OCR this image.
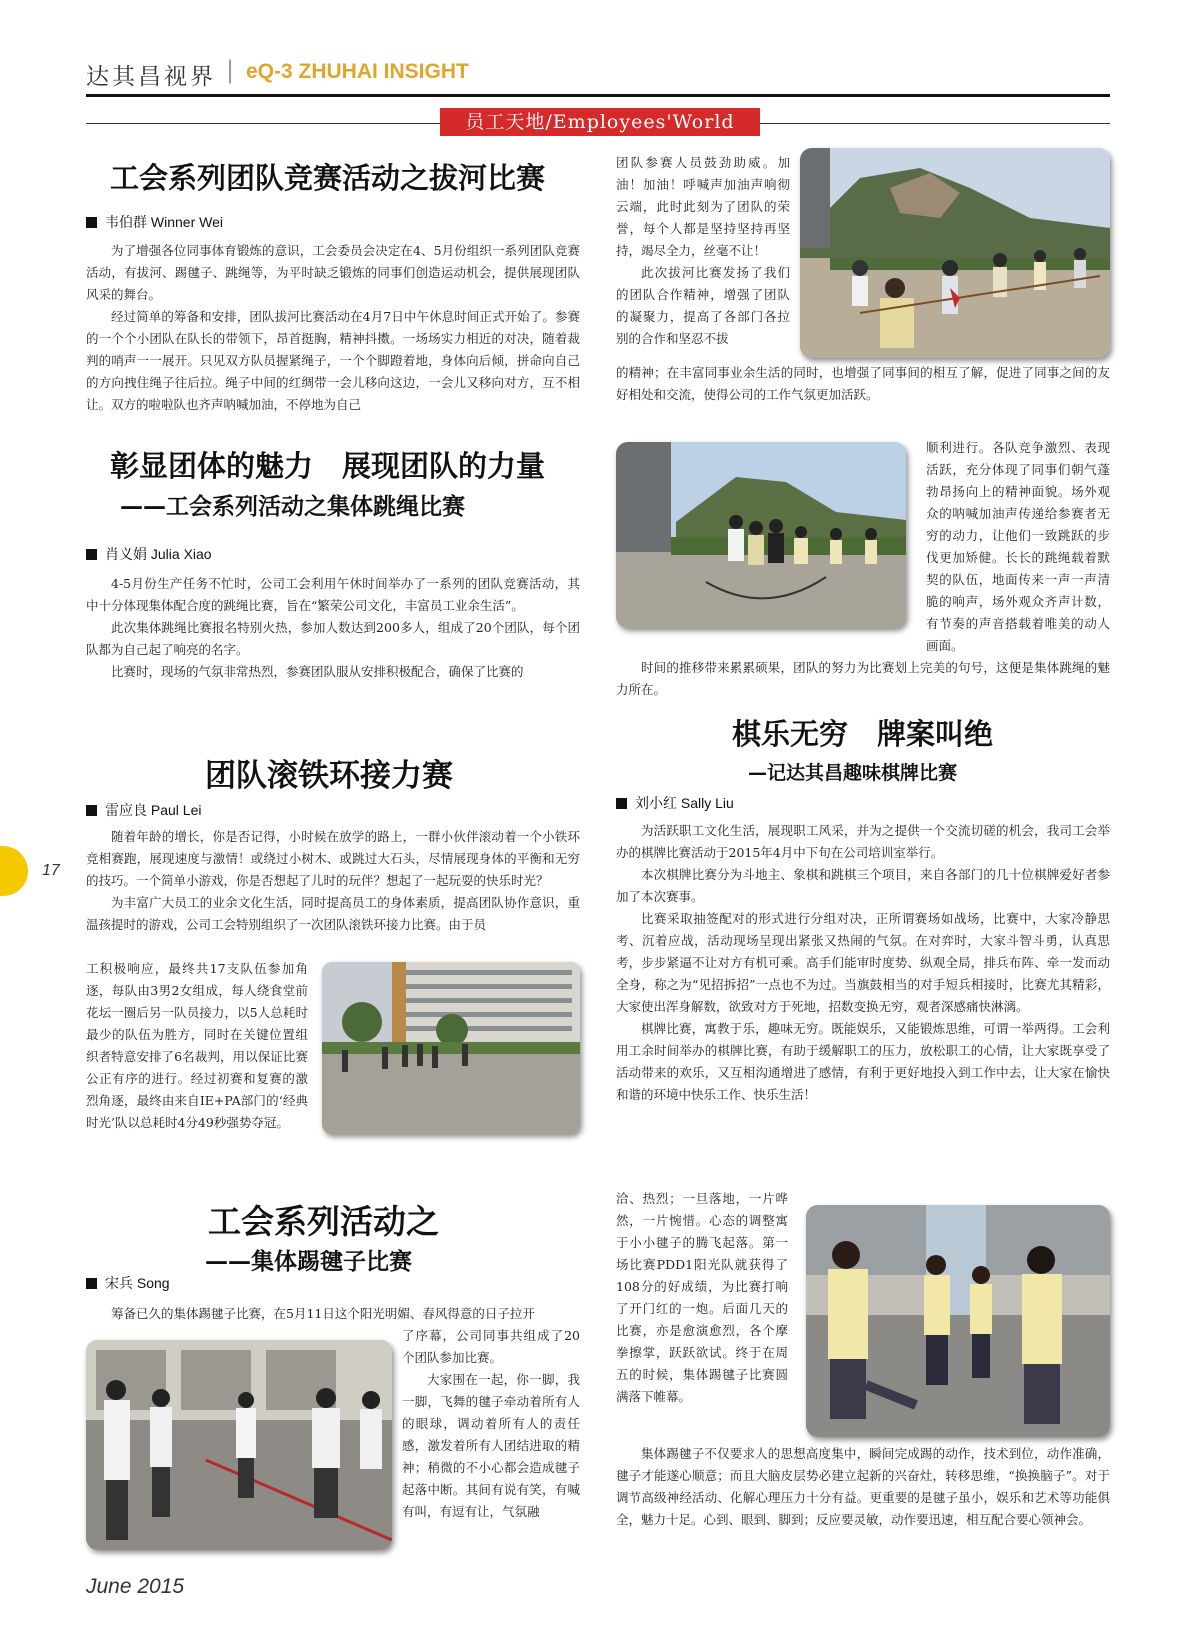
达其昌视界 | eQ-3 ZHUHAI INSIGHT
员工天地/Employees'World
工会系列团队竞赛活动之拔河比赛
韦伯群 Winner Wei

为了增强各位同事体育锻炼的意识，工会委员会决定在4、5月份组织一系列团队竞赛活动，有拔河、踢毽子、跳绳等，为平时缺乏锻炼的同事们创造运动机会，提供展现团队风采的舞台。

经过简单的筹备和安排，团队拔河比赛活动在4月7日中午休息时间正式开始了。参赛的一个个小团队在队长的带领下，昂首挺胸，精神抖擞。一场场实力相近的对决，随着裁判的哨声一一展开。只见双方队员握紧绳子，一个个脚蹬着地，身体向后倾，拼命向自己的方向拽住绳子往后拉。绳子中间的红绸带一会儿移向这边，一会儿又移向对方，互不相让。双方的啦啦队也齐声呐喊加油，不停地为自己

团队参赛人员鼓劲助威。加油！加油！呼喊声加油声响彻云端，此时此刻为了团队的荣誉，每个人都是坚持坚持再坚持，竭尽全力，丝毫不让！

此次拔河比赛发扬了我们的团队合作精神，增强了团队的凝聚力，提高了各部门各拉别的合作和坚忍不拔

的精神；在丰富同事业余生活的同时，也增强了同事间的相互了解，促进了同事之间的友好相处和交流，使得公司的工作气氛更加活跃。

彰显团体的魅力　展现团队的力量
——工会系列活动之集体跳绳比赛
肖义娟 Julia Xiao

4-5月份生产任务不忙时，公司工会利用午休时间举办了一系列的团队竞赛活动，其中十分体现集体配合度的跳绳比赛，旨在“繁荣公司文化，丰富员工业余生活”。

此次集体跳绳比赛报名特别火热，参加人数达到200多人，组成了20个团队，每个团队都为自己起了响亮的名字。

比赛时，现场的气氛非常热烈，参赛团队服从安排积极配合，确保了比赛的

顺利进行。各队竞争激烈、表现活跃，充分体现了同事们朝气蓬勃昂扬向上的精神面貌。场外观众的呐喊加油声传递给参赛者无穷的动力，让他们一致跳跃的步伐更加矫健。长长的跳绳载着默契的队伍，地面传来一声一声清脆的响声，场外观众齐声计数，有节奏的声音搭载着唯美的动人画面。

时间的推移带来累累硕果，团队的努力为比赛划上完美的句号，这便是集体跳绳的魅力所在。

团队滚铁环接力赛
雷应良 Paul Lei

随着年龄的增长，你是否记得，小时候在放学的路上，一群小伙伴滚动着一个小铁环竞相赛跑，展现速度与激情！或绕过小树木、或跳过大石头，尽情展现身体的平衡和无穷的技巧。一个简单小游戏，你是否想起了儿时的玩伴？想起了一起玩耍的快乐时光？

为丰富广大员工的业余文化生活，同时提高员工的身体素质，提高团队协作意识，重温孩提时的游戏，公司工会特别组织了一次团队滚铁环接力比赛。由于员

工积极响应，最终共17支队伍参加角逐，每队由3男2女组成，每人绕食堂前花坛一圈后另一队员接力，以5人总耗时最少的队伍为胜方，同时在关键位置组织者特意安排了6名裁判，用以保证比赛公正有序的进行。经过初赛和复赛的激烈角逐，最终由来自IE+PA部门的‘经典时光’队以总耗时4分49秒强势夺冠。

棋乐无穷　牌案叫绝
—记达其昌趣味棋牌比赛
刘小红 Sally Liu

为活跃职工文化生活，展现职工风采，并为之提供一个交流切磋的机会，我司工会举办的棋牌比赛活动于2015年4月中下旬在公司培训室举行。

本次棋牌比赛分为斗地主、象棋和跳棋三个项目，来自各部门的几十位棋牌爱好者参加了本次赛事。

比赛采取抽签配对的形式进行分组对决，正所谓赛场如战场，比赛中，大家冷静思考、沉着应战，活动现场呈现出紧张又热闹的气氛。在对弈时，大家斗智斗勇，认真思考，步步紧逼不让对方有机可乘。高手们能审时度势、纵观全局，排兵布阵、牵一发而动全身，称之为“见招拆招”一点也不为过。当旗鼓相当的对手短兵相接时，比赛尤其精彩，大家使出浑身解数，欲致对方于死地，招数变换无穷，观者深感痛快淋漓。

棋牌比赛，寓教于乐，趣味无穷。既能娱乐，又能锻炼思维，可谓一举两得。工会利用工余时间举办的棋牌比赛，有助于缓解职工的压力，放松职工的心情，让大家既享受了活动带来的欢乐，又互相沟通增进了感情，有利于更好地投入到工作中去，让大家在愉快和谐的环境中快乐工作、快乐生活！

工会系列活动之
——集体踢毽子比赛
宋兵 Song

筹备已久的集体踢毽子比赛，在5月11日这个阳光明媚、春风得意的日子拉开

了序幕，公司同事共组成了20个团队参加比赛。

大家围在一起，你一脚，我一脚，飞舞的毽子牵动着所有人的眼球，调动着所有人的责任感，激发着所有人团结进取的精神；稍微的不小心都会造成毽子起落中断。其间有说有笑，有喊有叫，有逗有让，气氛融

洽、热烈；一旦落地，一片哗然，一片惋惜。心态的调整寓于小小毽子的腾飞起落。第一场比赛PDD1阳光队就获得了108分的好成绩，为比赛打响了开门红的一炮。后面几天的比赛，亦是愈演愈烈，各个摩拳擦掌，跃跃欲试。终于在周五的时候，集体踢毽子比赛圆满落下帷幕。

集体踢毽子不仅要求人的思想高度集中，瞬间完成踢的动作，技术到位，动作准确，毽子才能遂心顺意；而且大脑皮层势必建立起新的兴奋灶，转移思维，“换换脑子”。对于调节高级神经活动、化解心理压力十分有益。更重要的是毽子虽小，娱乐和艺术等功能俱全，魅力十足。心到、眼到、脚到；反应要灵敏，动作要迅速，相互配合要心领神会。

17
June 2015
